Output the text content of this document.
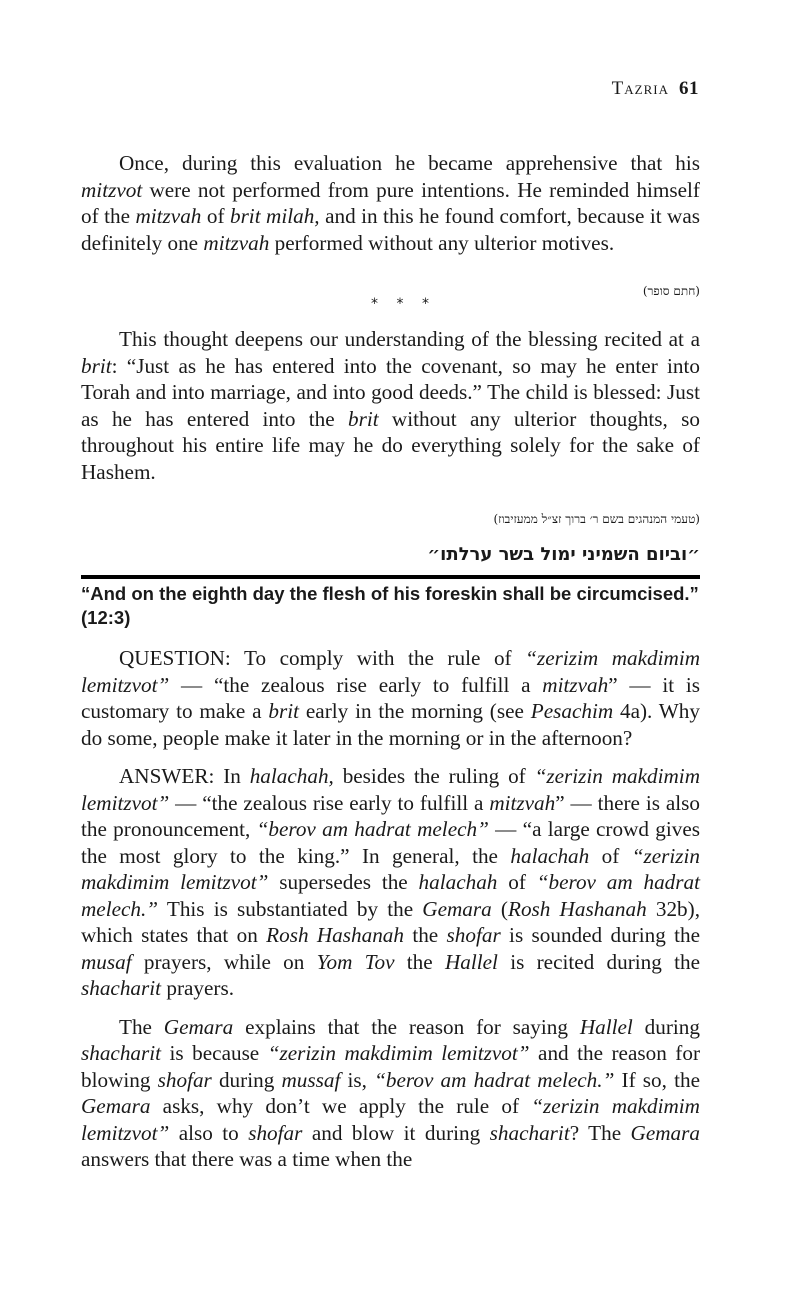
Tazria 61

Once, during this evaluation he became apprehensive that his mitzvot were not performed from pure intentions. He reminded himself of the mitzvah of brit milah, and in this he found comfort, because it was definitely one mitzvah performed without any ulterior motives.

(חתם סופר)
* * *

This thought deepens our understanding of the blessing recited at a brit: “Just as he has entered into the covenant, so may he enter into Torah and into marriage, and into good deeds.” The child is blessed: Just as he has entered into the brit without any ulterior thoughts, so throughout his entire life may he do everything solely for the sake of Hashem.

(טעמי המנהגים בשם ר׳ ברוך זצ״ל ממעזיבוז)
״וביום השמיני ימול בשר ערלתו״
“And on the eighth day the flesh of his foreskin shall be circumcised.” (12:3)

QUESTION: To comply with the rule of “zerizim makdimim lemitzvot” — “the zealous rise early to fulfill a mitzvah” — it is customary to make a brit early in the morning (see Pesachim 4a). Why do some, people make it later in the morning or in the afternoon?

ANSWER: In halachah, besides the ruling of “zerizin makdimim lemitzvot” — “the zealous rise early to fulfill a mitzvah” — there is also the pronouncement, “berov am hadrat melech” — “a large crowd gives the most glory to the king.” In general, the halachah of “zerizin makdimim lemitzvot” supersedes the halachah of “berov am hadrat melech.” This is substantiated by the Gemara (Rosh Hashanah 32b), which states that on Rosh Hashanah the shofar is sounded during the musaf prayers, while on Yom Tov the Hallel is recited during the shacharit prayers.

The Gemara explains that the reason for saying Hallel during shacharit is because “zerizin makdimim lemitzvot” and the reason for blowing shofar during mussaf is, “berov am hadrat melech.” If so, the Gemara asks, why don’t we apply the rule of “zerizin makdimim lemitzvot” also to shofar and blow it during shacharit? The Gemara answers that there was a time when the
